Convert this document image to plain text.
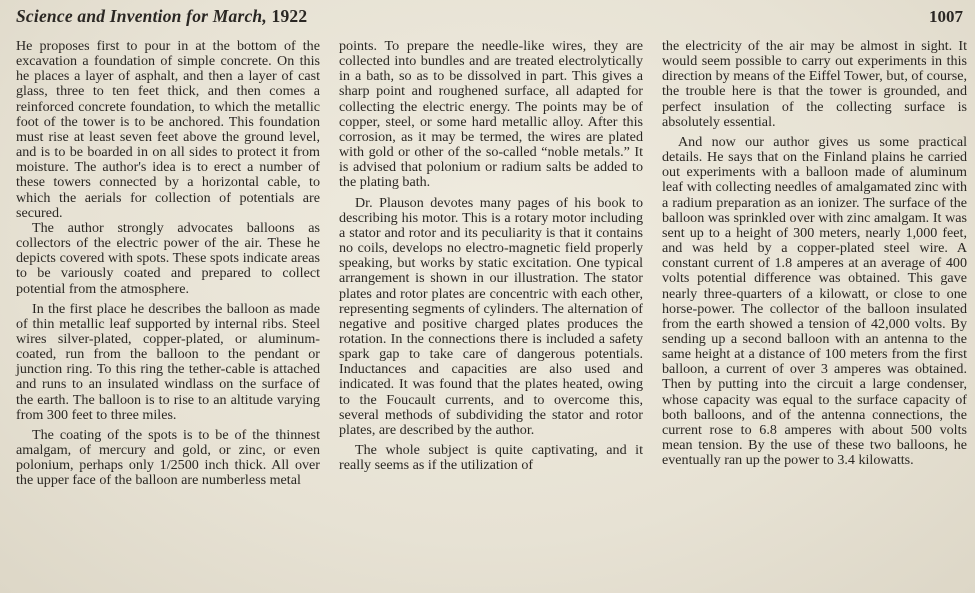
Science and Invention for March, 1922	1007

He proposes first to pour in at the bottom of the excavation a foundation of simple concrete. On this he places a layer of asphalt, and then a layer of cast glass, three to ten feet thick, and then comes a reinforced concrete foundation, to which the metallic foot of the tower is to be anchored. This foundation must rise at least seven feet above the ground level, and is to be boarded in on all sides to protect it from moisture. The author's idea is to erect a number of these towers connected by a horizontal cable, to which the aerials for collection of potentials are secured.

The author strongly advocates balloons as collectors of the electric power of the air. These he depicts covered with spots. These spots indicate areas to be variously coated and prepared to collect potential from the atmosphere.

In the first place he describes the balloon as made of thin metallic leaf supported by internal ribs. Steel wires silver-plated, copper-plated, or aluminum-coated, run from the balloon to the pendant or junction ring. To this ring the tether-cable is attached and runs to an insulated windlass on the surface of the earth. The balloon is to rise to an altitude varying from 300 feet to three miles.

The coating of the spots is to be of the thinnest amalgam, of mercury and gold, or zinc, or even polonium, perhaps only 1/2500 inch thick. All over the upper face of the balloon are numberless metal

points. To prepare the needle-like wires, they are collected into bundles and are treated electrolytically in a bath, so as to be dissolved in part. This gives a sharp point and roughened surface, all adapted for collecting the electric energy. The points may be of copper, steel, or some hard metallic alloy. After this corrosion, as it may be termed, the wires are plated with gold or other of the so-called “noble metals.” It is advised that polonium or radium salts be added to the plating bath.

Dr. Plauson devotes many pages of his book to describing his motor. This is a rotary motor including a stator and rotor and its peculiarity is that it contains no coils, develops no electro-magnetic field properly speaking, but works by static excitation. One typical arrangement is shown in our illustration. The stator plates and rotor plates are concentric with each other, representing segments of cylinders. The alternation of negative and positive charged plates produces the rotation. In the connections there is included a safety spark gap to take care of dangerous potentials. Inductances and capacities are also used and indicated. It was found that the plates heated, owing to the Foucault currents, and to overcome this, several methods of subdividing the stator and rotor plates, are described by the author.

The whole subject is quite captivating, and it really seems as if the utilization of

the electricity of the air may be almost in sight. It would seem possible to carry out experiments in this direction by means of the Eiffel Tower, but, of course, the trouble here is that the tower is grounded, and perfect insulation of the collecting surface is absolutely essential.

And now our author gives us some practical details. He says that on the Finland plains he carried out experiments with a balloon made of aluminum leaf with collecting needles of amalgamated zinc with a radium preparation as an ionizer. The surface of the balloon was sprinkled over with zinc amalgam. It was sent up to a height of 300 meters, nearly 1,000 feet, and was held by a copper-plated steel wire. A constant current of 1.8 amperes at an average of 400 volts potential difference was obtained. This gave nearly three-quarters of a kilowatt, or close to one horse-power. The collector of the balloon insulated from the earth showed a tension of 42,000 volts. By sending up a second balloon with an antenna to the same height at a distance of 100 meters from the first balloon, a current of over 3 amperes was obtained. Then by putting into the circuit a large condenser, whose capacity was equal to the surface capacity of both balloons, and of the antenna connections, the current rose to 6.8 amperes with about 500 volts mean tension. By the use of these two balloons, he eventually ran up the power to 3.4 kilowatts.
